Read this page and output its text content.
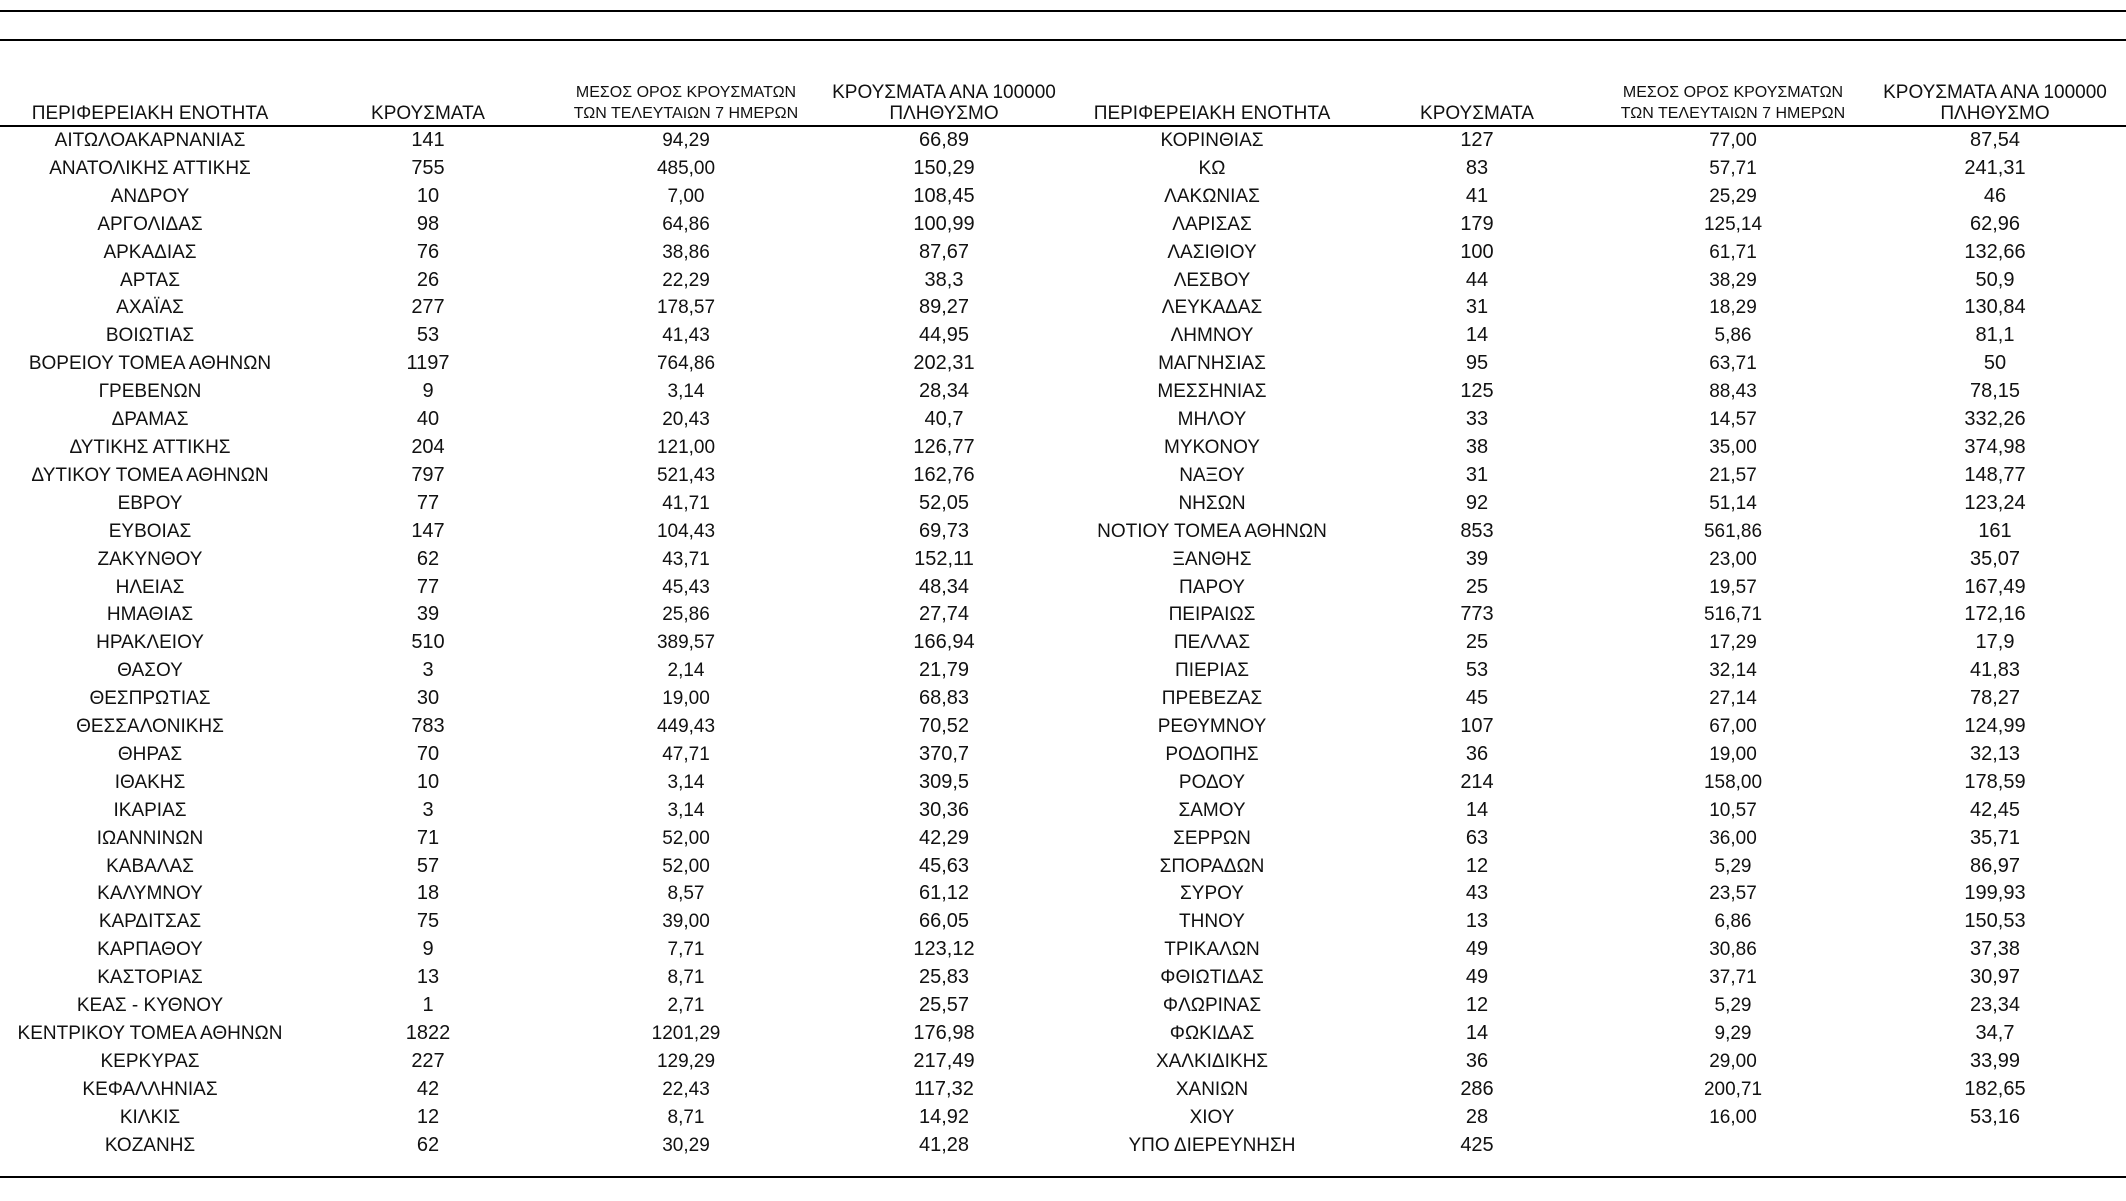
ΠΕΡΙΦΕΡΕΙΑΚΗ ΕΝΟΤΗΤΑ	ΚΡΟΥΣΜΑΤΑ	ΜΕΣΟΣ ΟΡΟΣ ΚΡΟΥΣΜΑΤΩΝ
ΤΩΝ ΤΕΛΕΥΤΑΙΩΝ 7 ΗΜΕΡΩΝ	ΚΡΟΥΣΜΑΤΑ ΑΝΑ 100000
ΠΛΗΘΥΣΜΟ	ΠΕΡΙΦΕΡΕΙΑΚΗ ΕΝΟΤΗΤΑ	ΚΡΟΥΣΜΑΤΑ	ΜΕΣΟΣ ΟΡΟΣ ΚΡΟΥΣΜΑΤΩΝ
ΤΩΝ ΤΕΛΕΥΤΑΙΩΝ 7 ΗΜΕΡΩΝ	ΚΡΟΥΣΜΑΤΑ ΑΝΑ 100000
ΠΛΗΘΥΣΜΟ
ΑΙΤΩΛΟΑΚΑΡΝΑΝΙΑΣ	141	94,29	66,89	ΚΟΡΙΝΘΙΑΣ	127	77,00	87,54
ΑΝΑΤΟΛΙΚΗΣ ΑΤΤΙΚΗΣ	755	485,00	150,29	ΚΩ	83	57,71	241,31
ΑΝΔΡΟΥ	10	7,00	108,45	ΛΑΚΩΝΙΑΣ	41	25,29	46
ΑΡΓΟΛΙΔΑΣ	98	64,86	100,99	ΛΑΡΙΣΑΣ	179	125,14	62,96
ΑΡΚΑΔΙΑΣ	76	38,86	87,67	ΛΑΣΙΘΙΟΥ	100	61,71	132,66
ΑΡΤΑΣ	26	22,29	38,3	ΛΕΣΒΟΥ	44	38,29	50,9
ΑΧΑΪΑΣ	277	178,57	89,27	ΛΕΥΚΑΔΑΣ	31	18,29	130,84
ΒΟΙΩΤΙΑΣ	53	41,43	44,95	ΛΗΜΝΟΥ	14	5,86	81,1
ΒΟΡΕΙΟΥ ΤΟΜΕΑ ΑΘΗΝΩΝ	1197	764,86	202,31	ΜΑΓΝΗΣΙΑΣ	95	63,71	50
ΓΡΕΒΕΝΩΝ	9	3,14	28,34	ΜΕΣΣΗΝΙΑΣ	125	88,43	78,15
ΔΡΑΜΑΣ	40	20,43	40,7	ΜΗΛΟΥ	33	14,57	332,26
ΔΥΤΙΚΗΣ ΑΤΤΙΚΗΣ	204	121,00	126,77	ΜΥΚΟΝΟΥ	38	35,00	374,98
ΔΥΤΙΚΟΥ ΤΟΜΕΑ ΑΘΗΝΩΝ	797	521,43	162,76	ΝΑΞΟΥ	31	21,57	148,77
ΕΒΡΟΥ	77	41,71	52,05	ΝΗΣΩΝ	92	51,14	123,24
ΕΥΒΟΙΑΣ	147	104,43	69,73	ΝΟΤΙΟΥ ΤΟΜΕΑ ΑΘΗΝΩΝ	853	561,86	161
ΖΑΚΥΝΘΟΥ	62	43,71	152,11	ΞΑΝΘΗΣ	39	23,00	35,07
ΗΛΕΙΑΣ	77	45,43	48,34	ΠΑΡΟΥ	25	19,57	167,49
ΗΜΑΘΙΑΣ	39	25,86	27,74	ΠΕΙΡΑΙΩΣ	773	516,71	172,16
ΗΡΑΚΛΕΙΟΥ	510	389,57	166,94	ΠΕΛΛΑΣ	25	17,29	17,9
ΘΑΣΟΥ	3	2,14	21,79	ΠΙΕΡΙΑΣ	53	32,14	41,83
ΘΕΣΠΡΩΤΙΑΣ	30	19,00	68,83	ΠΡΕΒΕΖΑΣ	45	27,14	78,27
ΘΕΣΣΑΛΟΝΙΚΗΣ	783	449,43	70,52	ΡΕΘΥΜΝΟΥ	107	67,00	124,99
ΘΗΡΑΣ	70	47,71	370,7	ΡΟΔΟΠΗΣ	36	19,00	32,13
ΙΘΑΚΗΣ	10	3,14	309,5	ΡΟΔΟΥ	214	158,00	178,59
ΙΚΑΡΙΑΣ	3	3,14	30,36	ΣΑΜΟΥ	14	10,57	42,45
ΙΩΑΝΝΙΝΩΝ	71	52,00	42,29	ΣΕΡΡΩΝ	63	36,00	35,71
ΚΑΒΑΛΑΣ	57	52,00	45,63	ΣΠΟΡΑΔΩΝ	12	5,29	86,97
ΚΑΛΥΜΝΟΥ	18	8,57	61,12	ΣΥΡΟΥ	43	23,57	199,93
ΚΑΡΔΙΤΣΑΣ	75	39,00	66,05	ΤΗΝΟΥ	13	6,86	150,53
ΚΑΡΠΑΘΟΥ	9	7,71	123,12	ΤΡΙΚΑΛΩΝ	49	30,86	37,38
ΚΑΣΤΟΡΙΑΣ	13	8,71	25,83	ΦΘΙΩΤΙΔΑΣ	49	37,71	30,97
ΚΕΑΣ - ΚΥΘΝΟΥ	1	2,71	25,57	ΦΛΩΡΙΝΑΣ	12	5,29	23,34
ΚΕΝΤΡΙΚΟΥ ΤΟΜΕΑ ΑΘΗΝΩΝ	1822	1201,29	176,98	ΦΩΚΙΔΑΣ	14	9,29	34,7
ΚΕΡΚΥΡΑΣ	227	129,29	217,49	ΧΑΛΚΙΔΙΚΗΣ	36	29,00	33,99
ΚΕΦΑΛΛΗΝΙΑΣ	42	22,43	117,32	ΧΑΝΙΩΝ	286	200,71	182,65
ΚΙΛΚΙΣ	12	8,71	14,92	ΧΙΟΥ	28	16,00	53,16
ΚΟΖΑΝΗΣ	62	30,29	41,28	ΥΠΟ ΔΙΕΡΕΥΝΗΣΗ	425		
